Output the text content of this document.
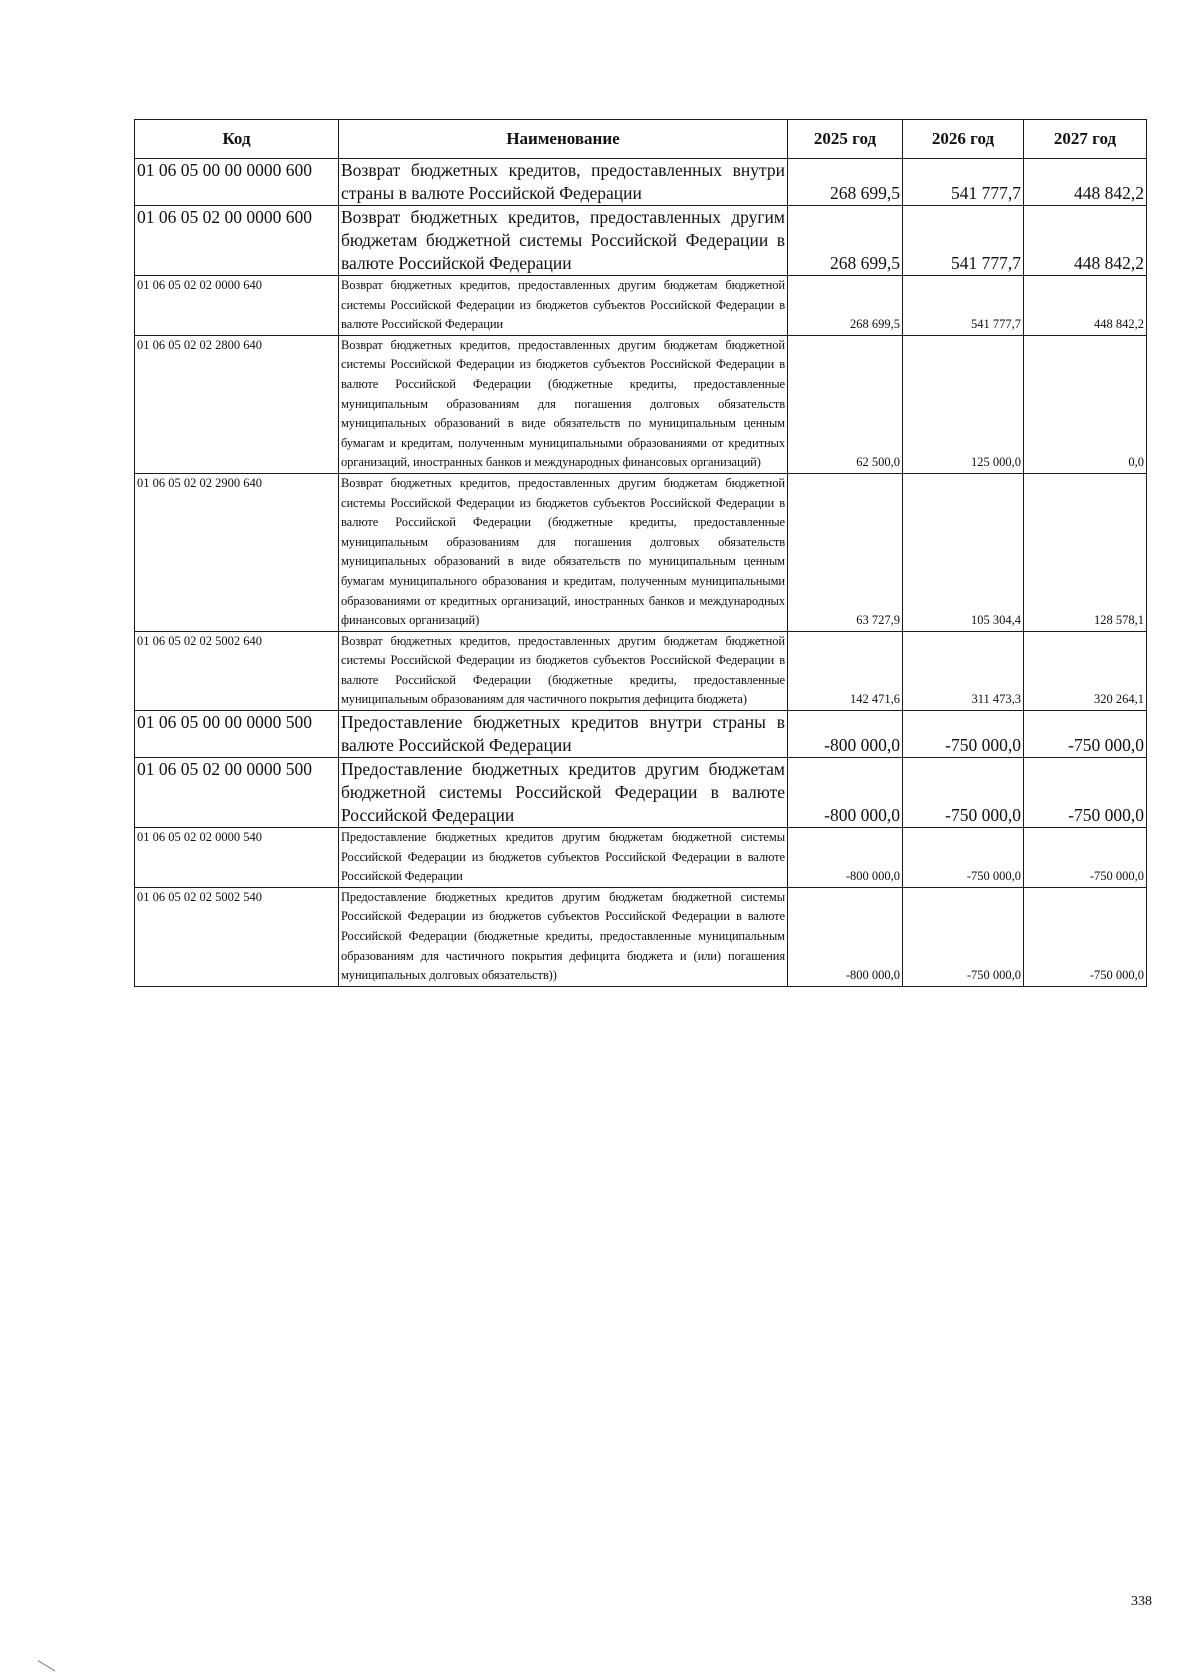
Код	Наименование	2025 год	2026 год	2027 год
01 06 05 00 00 0000 600	Возврат бюджетных кредитов, предоставленных внутри страны в валюте Российской Федерации	268 699,5	541 777,7	448 842,2
01 06 05 02 00 0000 600	Возврат бюджетных кредитов, предоставленных другим бюджетам бюджетной системы Российской Федерации в валюте Российской Федерации	268 699,5	541 777,7	448 842,2
01 06 05 02 02 0000 640	Возврат бюджетных кредитов, предоставленных другим бюджетам бюджетной системы Российской Федерации из бюджетов субъектов Российской Федерации в валюте Российской Федерации	268 699,5	541 777,7	448 842,2
01 06 05 02 02 2800 640	Возврат бюджетных кредитов, предоставленных другим бюджетам бюджетной системы Российской Федерации из бюджетов субъектов Российской Федерации в валюте Российской Федерации (бюджетные кредиты, предоставленные муниципальным образованиям для погашения долговых обязательств муниципальных образований в виде обязательств по муниципальным ценным бумагам и кредитам, полученным муниципальными образованиями от кредитных организаций, иностранных банков и международных финансовых организаций)	62 500,0	125 000,0	0,0
01 06 05 02 02 2900 640	Возврат бюджетных кредитов, предоставленных другим бюджетам бюджетной системы Российской Федерации из бюджетов субъектов Российской Федерации в валюте Российской Федерации (бюджетные кредиты, предоставленные муниципальным образованиям для погашения долговых обязательств муниципальных образований в виде обязательств по муниципальным ценным бумагам муниципального образования и кредитам, полученным муниципальными образованиями от кредитных организаций, иностранных банков и международных финансовых организаций)	63 727,9	105 304,4	128 578,1
01 06 05 02 02 5002 640	Возврат бюджетных кредитов, предоставленных другим бюджетам бюджетной системы Российской Федерации из бюджетов субъектов Российской Федерации в валюте Российской Федерации (бюджетные кредиты, предоставленные муниципальным образованиям для частичного покрытия дефицита бюджета)	142 471,6	311 473,3	320 264,1
01 06 05 00 00 0000 500	Предоставление бюджетных кредитов внутри страны в валюте Российской Федерации	-800 000,0	-750 000,0	-750 000,0
01 06 05 02 00 0000 500	Предоставление бюджетных кредитов другим бюджетам бюджетной системы Российской Федерации в валюте Российской Федерации	-800 000,0	-750 000,0	-750 000,0
01 06 05 02 02 0000 540	Предоставление бюджетных кредитов другим бюджетам бюджетной системы Российской Федерации из бюджетов субъектов Российской Федерации в валюте Российской Федерации	-800 000,0	-750 000,0	-750 000,0
01 06 05 02 02 5002 540	Предоставление бюджетных кредитов другим бюджетам бюджетной системы Российской Федерации из бюджетов субъектов Российской Федерации в валюте Российской Федерации (бюджетные кредиты, предоставленные муниципальным образованиям для частичного покрытия дефицита бюджета и (или) погашения муниципальных долговых обязательств))	-800 000,0	-750 000,0	-750 000,0
338
